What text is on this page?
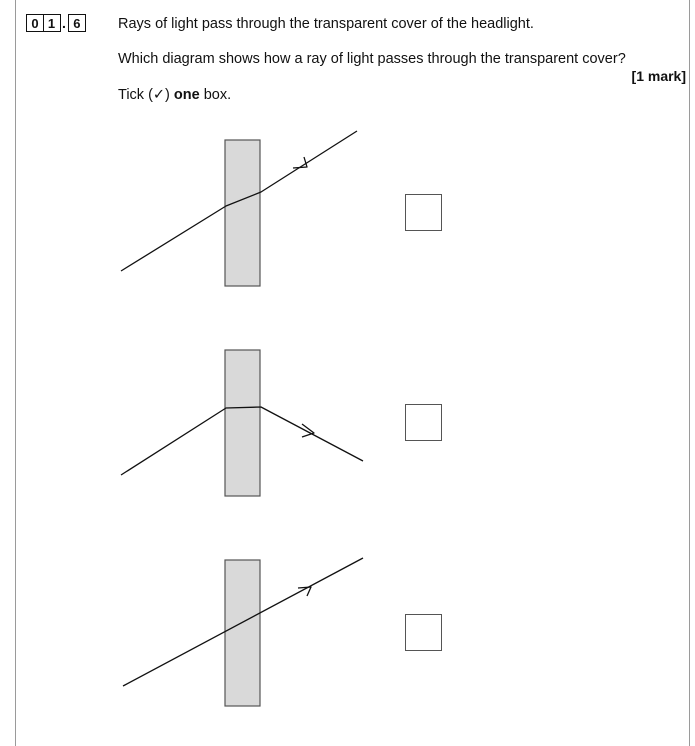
0 1 . 6	Rays of light pass through the transparent cover of the headlight.
Which diagram shows how a ray of light passes through the transparent cover?
[1 mark]
Tick (✓) one box.
